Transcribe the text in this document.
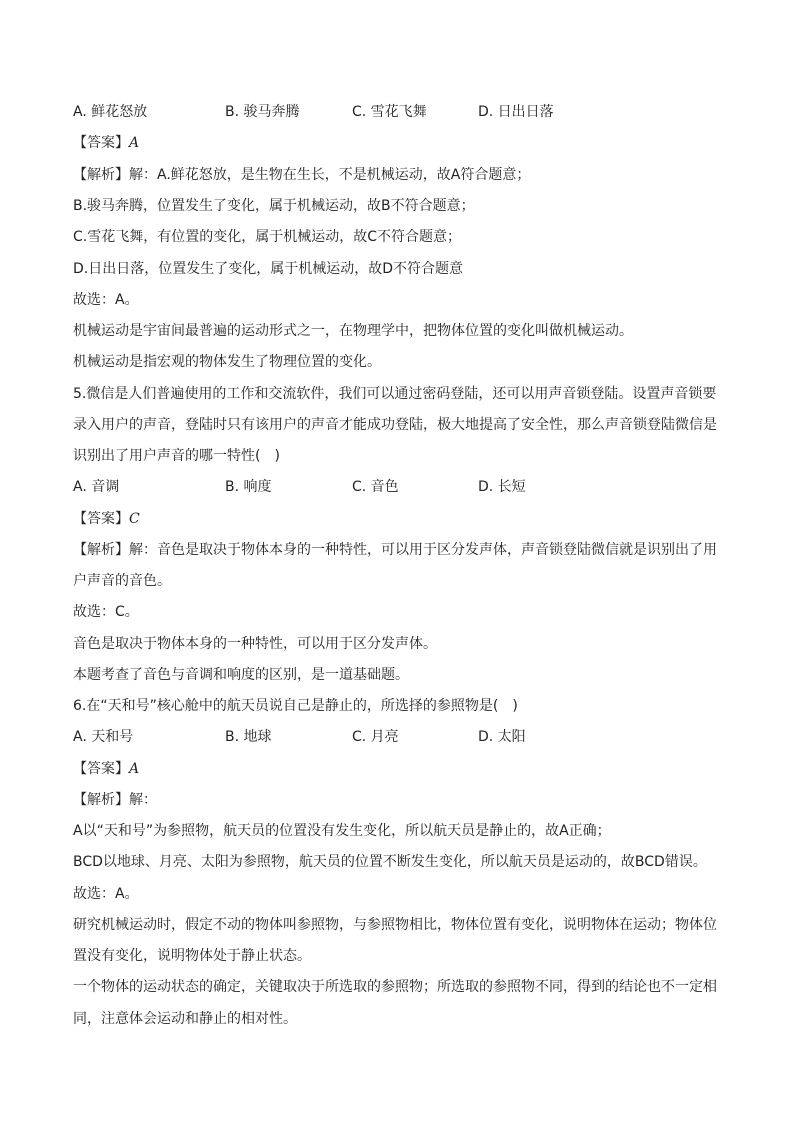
A. 鲜花怒放	B. 骏马奔腾	C. 雪花飞舞	D. 日出日落
【答案】A
【解析】解：A.鲜花怒放，是生物在生长，不是机械运动，故A符合题意；
B.骏马奔腾，位置发生了变化，属于机械运动，故B不符合题意；
C.雪花飞舞，有位置的变化，属于机械运动，故C不符合题意；
D.日出日落，位置发生了变化，属于机械运动，故D不符合题意
故选：A。
机械运动是宇宙间最普遍的运动形式之一，在物理学中，把物体位置的变化叫做机械运动。
机械运动是指宏观的物体发生了物理位置的变化。
5.微信是人们普遍使用的工作和交流软件，我们可以通过密码登陆，还可以用声音锁登陆。设置声音锁要
录入用户的声音，登陆时只有该用户的声音才能成功登陆，极大地提高了安全性，那么声音锁登陆微信是
识别出了用户声音的哪一特性(　)
A. 音调	B. 响度	C. 音色	D. 长短
【答案】C
【解析】解：音色是取决于物体本身的一种特性，可以用于区分发声体，声音锁登陆微信就是识别出了用
户声音的音色。
故选：C。
音色是取决于物体本身的一种特性，可以用于区分发声体。
本题考查了音色与音调和响度的区别，是一道基础题。
6.在“天和号”核心舱中的航天员说自己是静止的，所选择的参照物是(　)
A. 天和号	B. 地球	C. 月亮	D. 太阳
【答案】A
【解析】解：
A以“天和号”为参照物，航天员的位置没有发生变化，所以航天员是静止的，故A正确；
BCD以地球、月亮、太阳为参照物，航天员的位置不断发生变化，所以航天员是运动的，故BCD错误。
故选：A。
研究机械运动时，假定不动的物体叫参照物，与参照物相比，物体位置有变化，说明物体在运动；物体位
置没有变化，说明物体处于静止状态。
一个物体的运动状态的确定，关键取决于所选取的参照物；所选取的参照物不同，得到的结论也不一定相
同，注意体会运动和静止的相对性。
